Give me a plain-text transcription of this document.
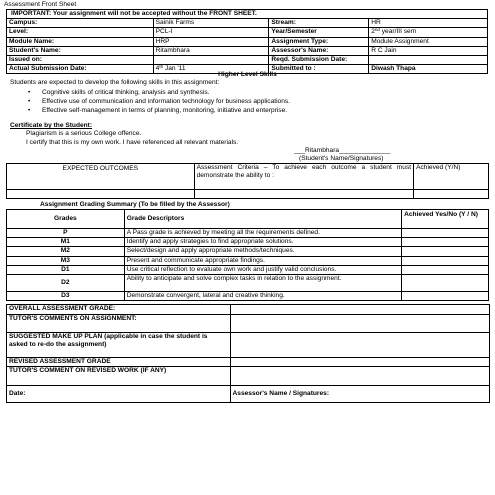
Assessment Front Sheet
IMPORTANT: Your assignment will not be accepted without the FRONT SHEET.			
Campus:	Sainik Farms	Stream:	HR
Level:	PCL-I	Year/Semester	2nd year/III sem
Module Name:	HRP	Assignment Type:	Module Assignment
Student's Name:	Ritambhara	Assessor's Name:	R C Jain
Issued on:		Reqd. Submission Date:	
Actual Submission Date:	4th Jan '11	Submitted to :	Diwash Thapa
Higher Level Skills
Students are expected to develop the following skills in this assignment:
• Cognitive skills of critical thinking, analysis and synthesis.
• Effective use of communication and information technology for business applications.
• Effective self-management in terms of planning, monitoring, initiative and enterprise.
Certificate by the Student:
Plagiarism is a serious College offence.
I certify that this is my own work. I have referenced all relevant materials.
___Ritambhara______________
(Student's Name/Signatures)
EXPECTED OUTCOMES	Assessment Criteria – To achieve each outcome a student must demonstrate the ability to :	Achieved (Y/N)

Assignment Grading Summary (To be filled by the Assessor)
Grades	Grade Descriptors	Achieved Yes/No (Y / N)
P	A Pass grade is achieved by meeting all the requirements defined.	
M1	Identify and apply strategies to find appropriate solutions.	
M2	Select/design and apply appropriate methods/techniques.	
M3	Present and communicate appropriate findings.	
D1	Use critical reflection to evaluate own work and justify valid conclusions.	
D2	Ability to anticipate and solve complex tasks in relation to the assignment.	
D3	Demonstrate convergent, lateral and creative thinking.	
OVERALL ASSESSMENT GRADE:	
TUTOR'S COMMENTS ON ASSIGNMENT:	
SUGGESTED MAKE UP PLAN (applicable in case the student is asked to re-do the assignment)	
REVISED ASSESSMENT GRADE	
TUTOR'S COMMENT ON REVISED WORK (IF ANY)	
Date:	Assessor's Name / Signatures:
